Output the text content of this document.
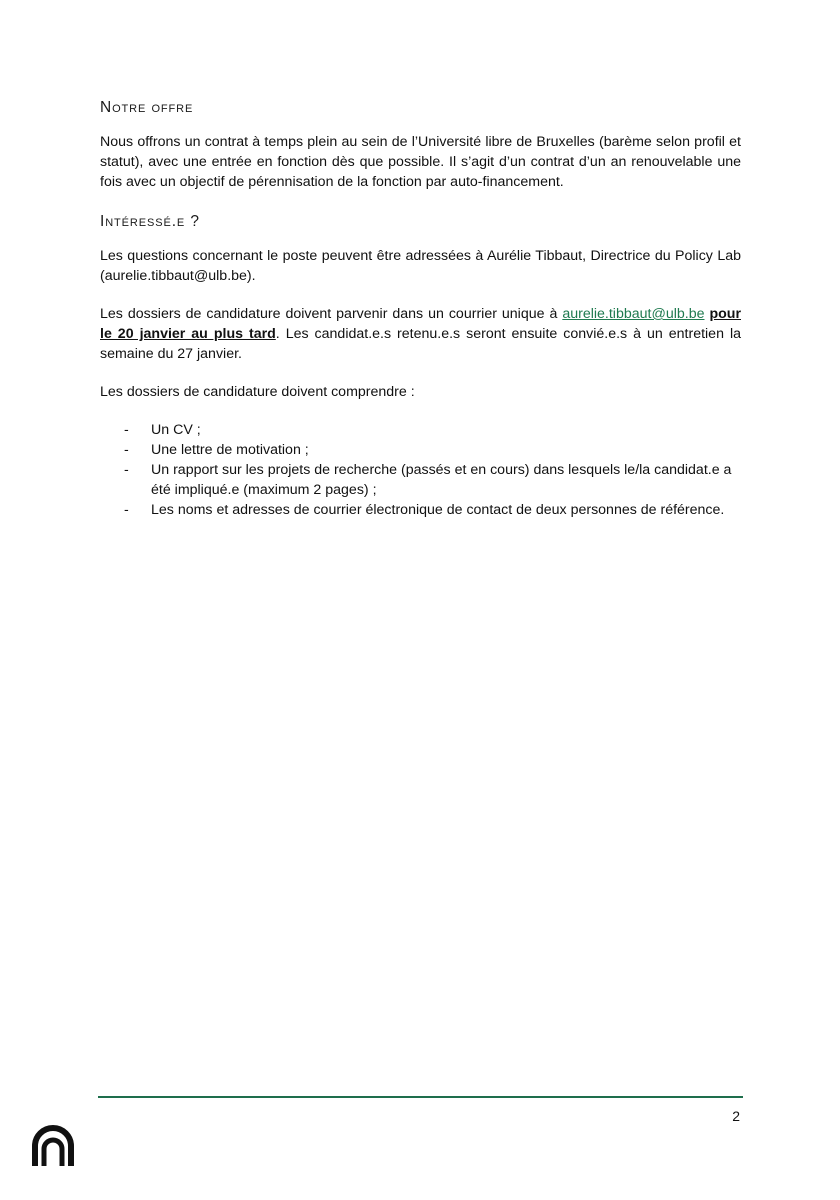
Notre offre

Nous offrons un contrat à temps plein au sein de l’Université libre de Bruxelles (barème selon profil et statut), avec une entrée en fonction dès que possible. Il s’agit d’un contrat d’un an renouvelable une fois avec un objectif de pérennisation de la fonction par auto-financement.

Intéressé.e ?

Les questions concernant le poste peuvent être adressées à Aurélie Tibbaut, Directrice du Policy Lab (aurelie.tibbaut@ulb.be).

Les dossiers de candidature doivent parvenir dans un courrier unique à aurelie.tibbaut@ulb.be pour le 20 janvier au plus tard. Les candidat.e.s retenu.e.s seront ensuite convié.e.s à un entretien la semaine du 27 janvier.

Les dossiers de candidature doivent comprendre :

- Un CV ;
- Une lettre de motivation ;
- Un rapport sur les projets de recherche (passés et en cours) dans lesquels le/la candidat.e a été impliqué.e (maximum 2 pages) ;
- Les noms et adresses de courrier électronique de contact de deux personnes de référence.
2
